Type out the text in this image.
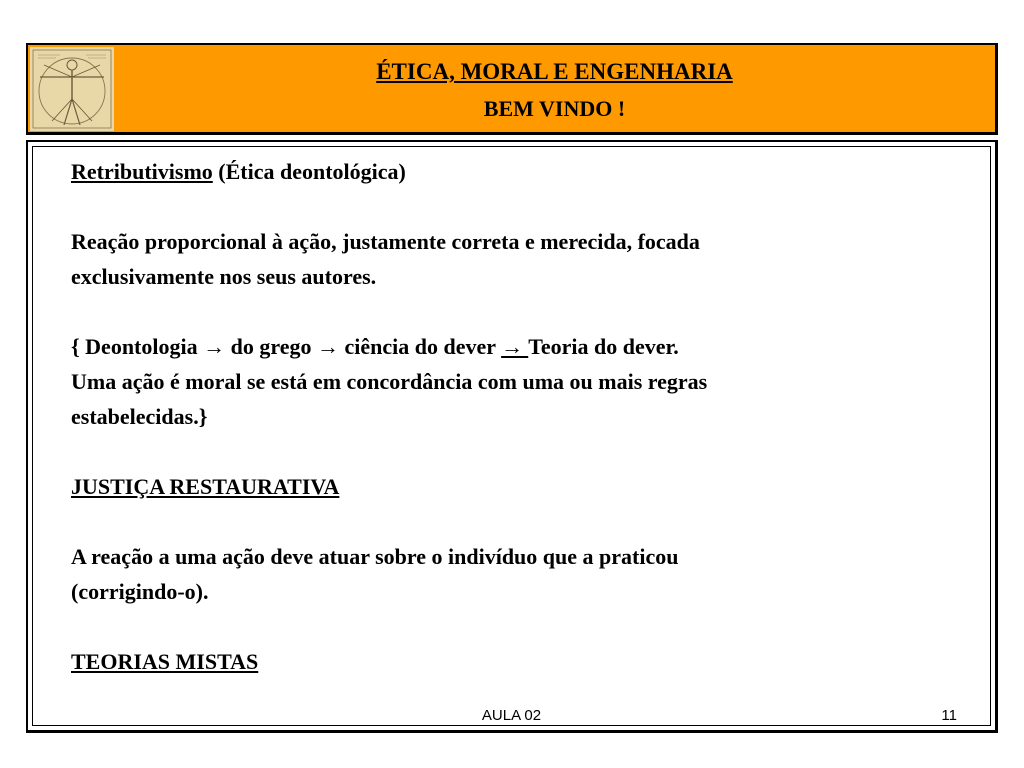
ÉTICA, MORAL E ENGENHARIA
BEM VINDO !

Retributivismo (Ética deontológica)

Reação proporcional à ação, justamente correta e merecida, focada

exclusivamente nos seus autores.

{ Deontologia → do grego → ciência do dever → Teoria do dever.

Uma ação é moral se está em concordância com uma ou mais regras

estabelecidas.}

JUSTIÇA RESTAURATIVA

A reação a uma ação deve atuar sobre o indivíduo que a praticou

(corrigindo-o).

TEORIAS MISTAS

AULA 02	11
